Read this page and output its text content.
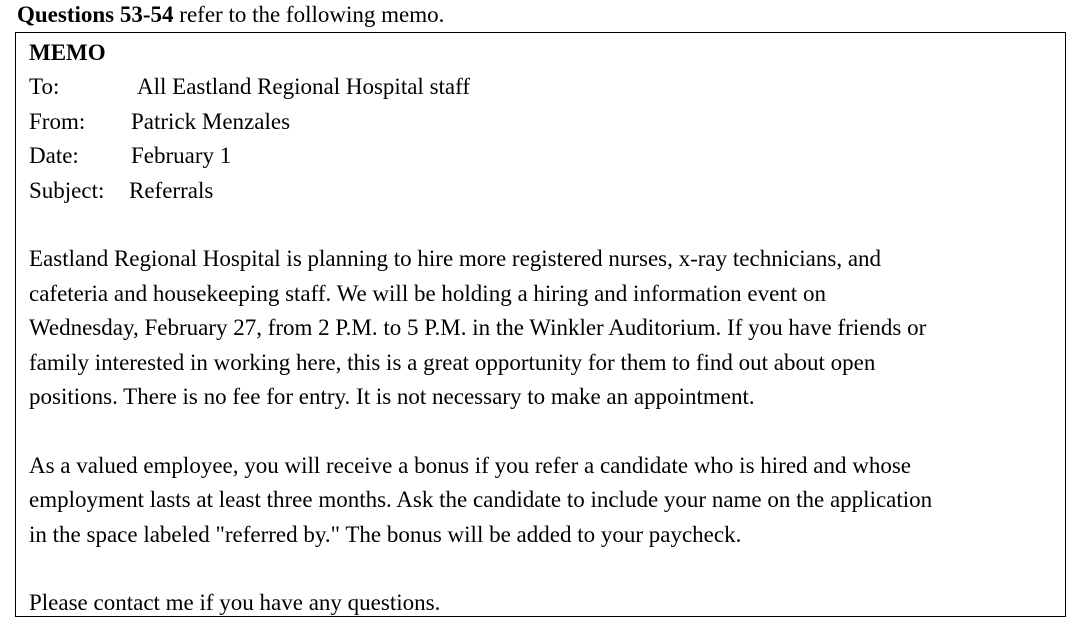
Questions 53-54 refer to the following memo.
MEMO
To:	All Eastland Regional Hospital staff
From: Patrick Menzales
Date: February 1
Subject: Referrals

Eastland Regional Hospital is planning to hire more registered nurses, x-ray technicians, and
cafeteria and housekeeping staff. We will be holding a hiring and information event on
Wednesday, February 27, from 2 P.M. to 5 P.M. in the Winkler Auditorium. If you have friends or
family interested in working here, this is a great opportunity for them to find out about open
positions. There is no fee for entry. It is not necessary to make an appointment.

As a valued employee, you will receive a bonus if you refer a candidate who is hired and whose
employment lasts at least three months. Ask the candidate to include your name on the application
in the space labeled "referred by." The bonus will be added to your paycheck.

Please contact me if you have any questions.
